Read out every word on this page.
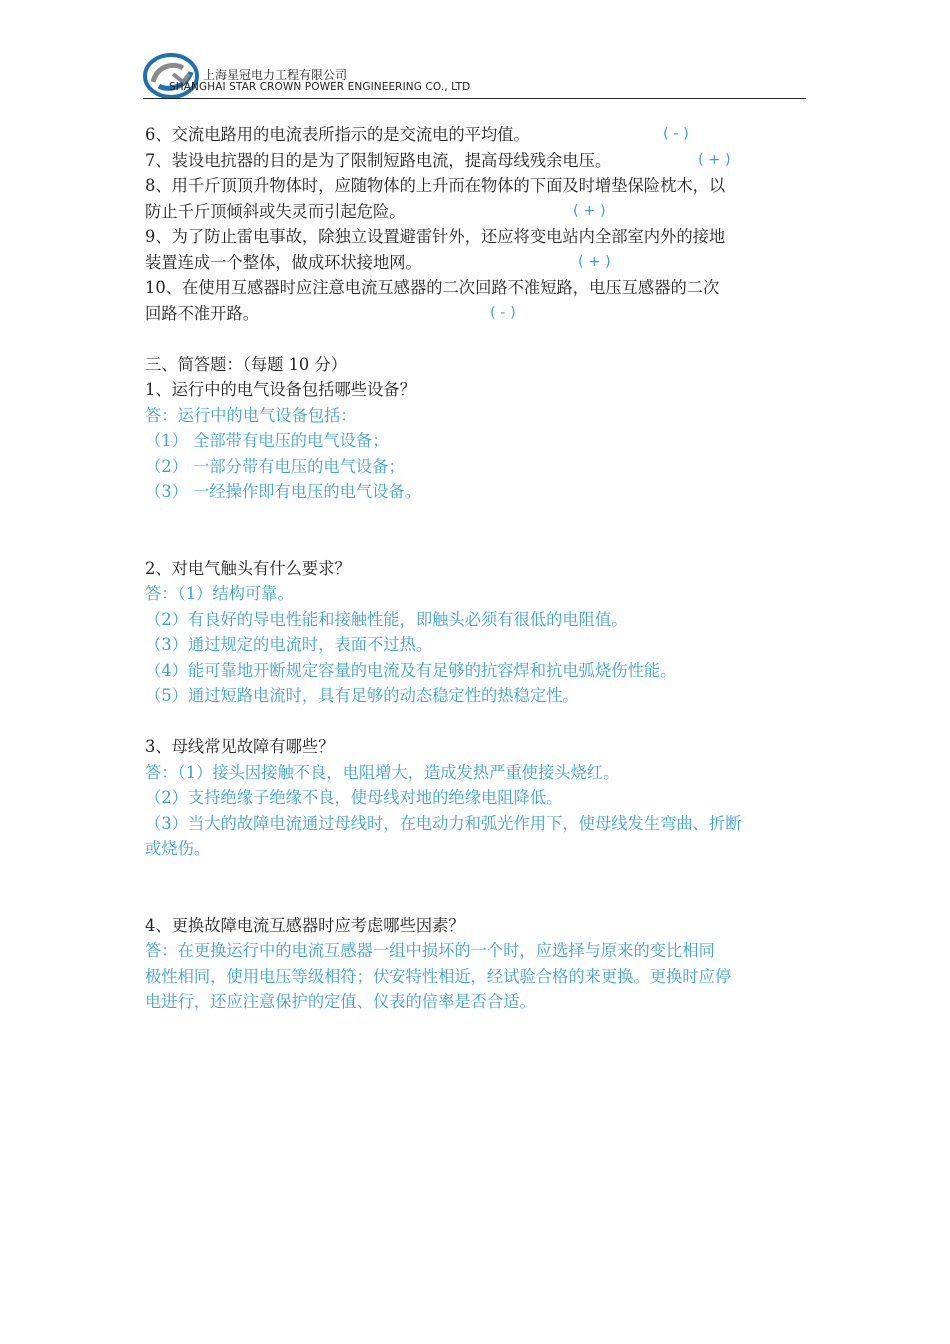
上海星冠电力工程有限公司
SHANGHAI STAR CROWN POWER ENGINEERING CO., LTD
6、交流电路用的电流表所指示的是交流电的平均值。	( - )
7、装设电抗器的目的是为了限制短路电流，提高母线残余电压。	( + )
8、用千斤顶顶升物体时，应随物体的上升而在物体的下面及时增垫保险枕木，以
防止千斤顶倾斜或失灵而引起危险。	( + )
9、为了防止雷电事故，除独立设置避雷针外，还应将变电站内全部室内外的接地
装置连成一个整体，做成环状接地网。	( + )
10、在使用互感器时应注意电流互感器的二次回路不准短路，电压互感器的二次
回路不准开路。	( - )
三、简答题：（每题 10 分）
1、运行中的电气设备包括哪些设备？
答：运行中的电气设备包括：
（1） 全部带有电压的电气设备；
（2） 一部分带有电压的电气设备；
（3） 一经操作即有电压的电气设备。
2、对电气触头有什么要求？
答：（1）结构可靠。
（2）有良好的导电性能和接触性能，即触头必须有很低的电阻值。
（3）通过规定的电流时，表面不过热。
（4）能可靠地开断规定容量的电流及有足够的抗容焊和抗电弧烧伤性能。
（5）通过短路电流时，具有足够的动态稳定性的热稳定性。
3、母线常见故障有哪些？
答：（1）接头因接触不良，电阻增大，造成发热严重使接头烧红。
（2）支持绝缘子绝缘不良，使母线对地的绝缘电阻降低。
（3）当大的故障电流通过母线时，在电动力和弧光作用下，使母线发生弯曲、折断
或烧伤。
4、更换故障电流互感器时应考虑哪些因素？
答：在更换运行中的电流互感器一组中损坏的一个时，应选择与原来的变比相同
极性相同，使用电压等级相符；伏安特性相近，经试验合格的来更换。更换时应停
电进行，还应注意保护的定值、仪表的倍率是否合适。
